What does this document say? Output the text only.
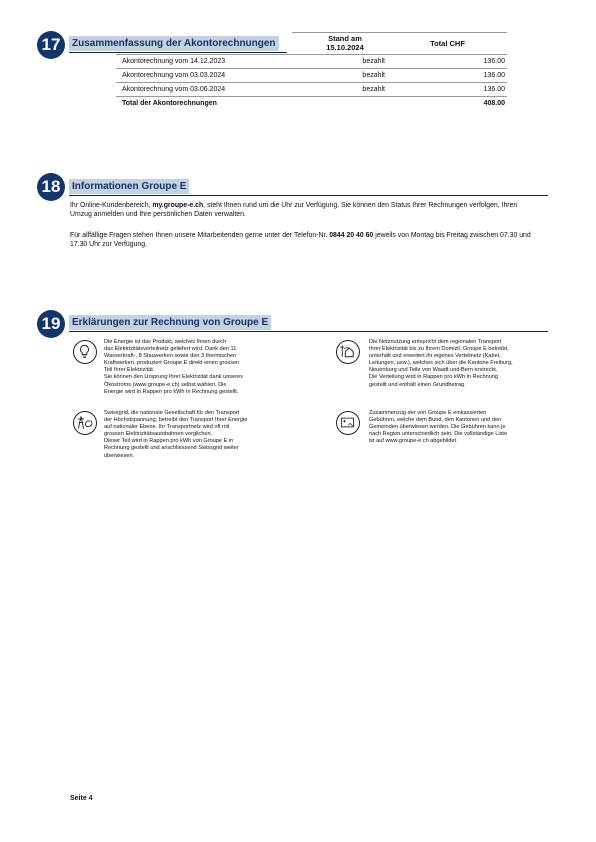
17	Zusammenfassung der Akontorechnungen	Stand am
15.10.2024	Total CHF
Akontorechnung vom 14.12.2023	bezahlt	136.00
Akontorechnung vom 03.03.2024	bezahlt	136.00
Akontorechnung vom 03.06.2024	bezahlt	136.00
Total der Akontorechnungen	408.00
18	Informationen Groupe E
Ihr Online-Kundenbereich, my.groupe-e.ch, steht Ihnen rund um die Uhr zur Verfügung. Sie können den Status Ihrer Rechnungen verfolgen, Ihren Umzug anmelden und Ihre persönlichen Daten verwalten.
Für allfällige Fragen stehen Ihnen unsere Mitarbeitenden gerne unter der Telefon-Nr. 0844 20 40 60 jeweils von Montag bis Freitag zwischen 07.30 und 17.30 Uhr zur Verfügung.
19	Erklärungen zur Rechnung von Groupe E
Die Energie ist das Produkt, welches Ihnen durch
das Elektrizitätsverteilnetz geliefert wird. Dank den 11
Wasserkraft-, 8 Stauwerken sowie den 3 thermischen
Kraftwerken, produziert Groupe E direkt einen grossen
Teil Ihrer Elektrizität.
Sie können den Ursprung Ihrer Elektrizität dank unseres
Ökostroms (www.groupe-e.ch) selbst wählen. Die
Energie wird in Rappen pro kWh in Rechnung gestellt.
Die Netznutzung entspricht dem regionalen Transport
Ihrer Elektrizität bis zu Ihrem Domizil. Groupe E betreibt,
unterhält und erweitert ihr eigenes Verteilnetz (Kabel,
Leitungen, usw.), welches sich über die Kantone Freiburg,
Neuenburg und Teile von Waadt und Bern erstreckt.
Die Verteilung wird in Rappen pro kWh in Rechnung
gestellt und enthält einen Grundbetrag.
Swissgrid, die nationale Gesellschaft für den Transport
der Höchstspannung, betreibt den Transport Ihrer Energie
auf nationaler Ebene. Ihr Transportnetz wird oft mit
grossen Elektrizitätsautobahnen verglichen.
Dieser Teil wird in Rappen pro kWh von Groupe E in
Rechnung gestellt und anschliessend Swissgrid weiter
überwiesen.
Zusammenzug der von Groupe E einkassierten
Gebühren, welche dem Bund, den Kantonen und den
Gemeinden überwiesen werden. Die Gebühren kann je
nach Region unterschiedlich sein. Die vollständige Liste
ist auf www.groupe-e.ch abgebildet.
Seite 4
